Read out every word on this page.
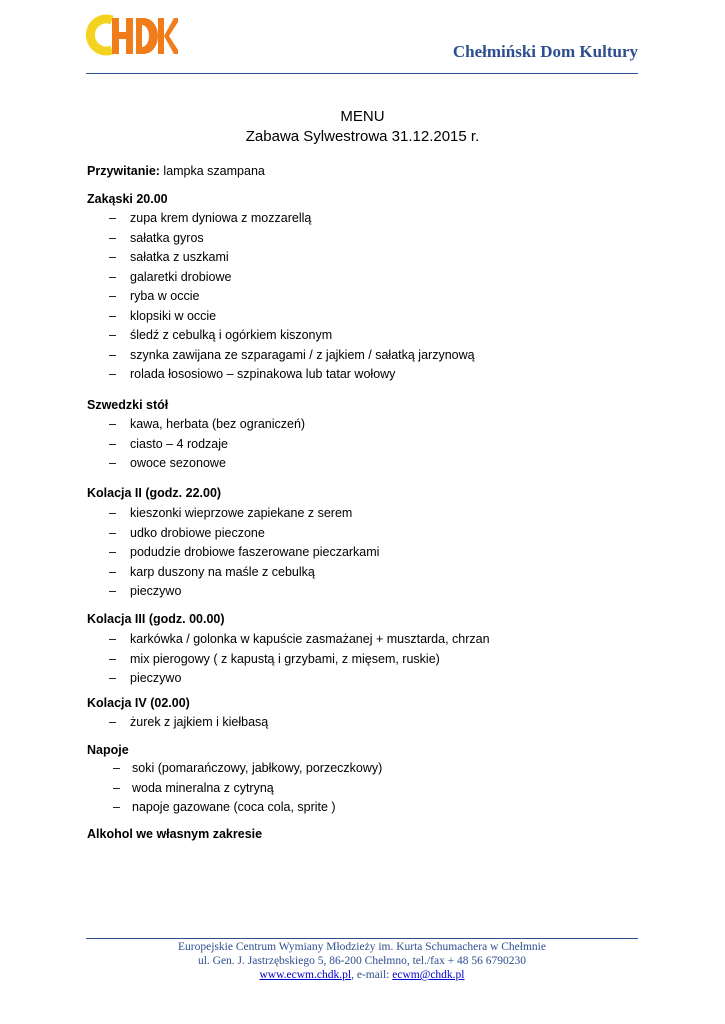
Chełmiński Dom Kultury
MENU
Zabawa Sylwestrowa 31.12.2015 r.
Przywitanie: lampka szampana
Zakąski 20.00
– zupa krem dyniowa z mozzarellą
– sałatka gyros
– sałatka z uszkami
– galaretki drobiowe
– ryba w occie
– klopsiki w occie
– śledź z cebulką i ogórkiem kiszonym
– szynka zawijana ze szparagami / z jajkiem / sałatką jarzynową
– rolada łososiowo – szpinakowa lub tatar wołowy
Szwedzki stół
– kawa, herbata (bez ograniczeń)
– ciasto – 4 rodzaje
– owoce sezonowe
Kolacja II (godz. 22.00)
– kieszonki wieprzowe zapiekane z serem
– udko drobiowe pieczone
– podudzie drobiowe faszerowane pieczarkami
– karp duszony na maśle z cebulką
– pieczywo
Kolacja III (godz. 00.00)
– karkówka / golonka w kapuście zasmażanej + musztarda, chrzan
– mix pierogowy ( z kapustą i grzybami, z mięsem, ruskie)
– pieczywo
Kolacja IV (02.00)
– żurek z jajkiem i kiełbasą
Napoje
– soki (pomarańczowy, jabłkowy, porzeczkowy)
– woda mineralna z cytryną
– napoje gazowane (coca cola, sprite )
Alkohol we własnym zakresie
Europejskie Centrum Wymiany Młodzieży im. Kurta Schumachera w Chełmnie
ul. Gen. J. Jastrzębskiego 5, 86-200 Chełmno, tel./fax + 48 56 6790230
www.ecwm.chdk.pl, e-mail: ecwm@chdk.pl
